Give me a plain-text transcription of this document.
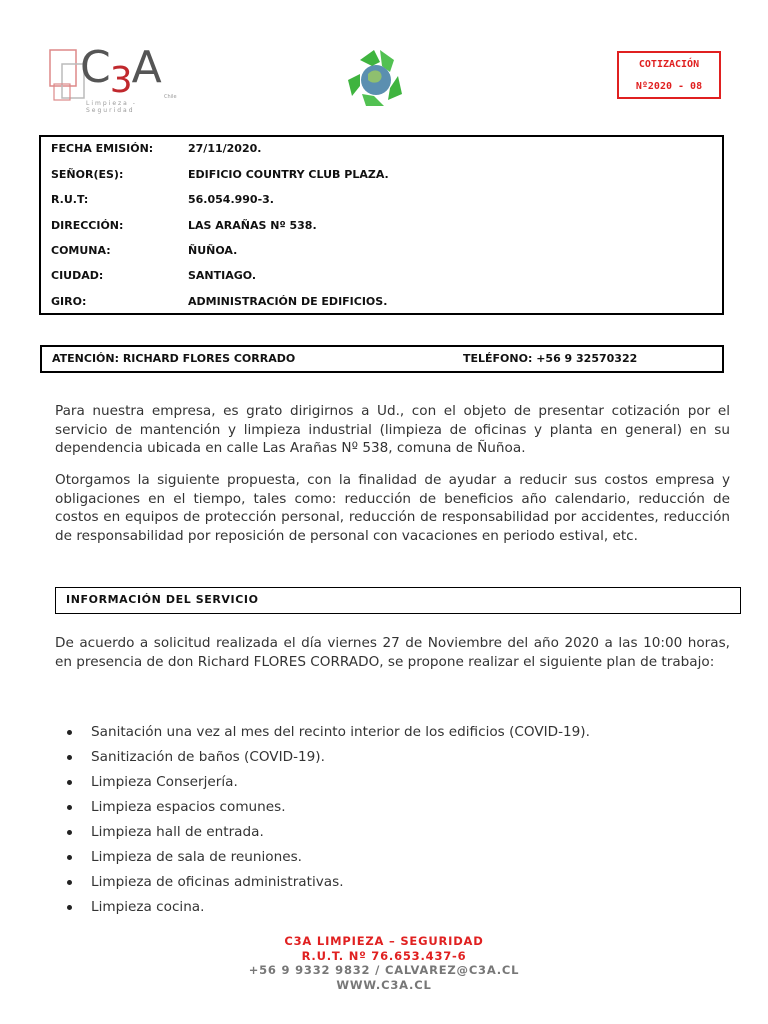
$C_3A$
Chile
Limpieza - Seguridad
COTIZACIÓN
Nº2020 - 08
FECHA EMISIÓN:	27/11/2020.
SEÑOR(ES):	EDIFICIO COUNTRY CLUB PLAZA.
R.U.T:	56.054.990-3.
DIRECCIÓN:	LAS ARAÑAS Nº 538.
COMUNA:	ÑUÑOA.
CIUDAD:	SANTIAGO.
GIRO:	ADMINISTRACIÓN DE EDIFICIOS.
ATENCIÓN: RICHARD FLORES CORRADO	TELÉFONO: +56 9 32570322
Para nuestra empresa, es grato dirigirnos a Ud., con el objeto de presentar cotización por el servicio de mantención y limpieza industrial (limpieza de oficinas y planta en general) en su dependencia ubicada en calle Las Arañas Nº 538, comuna de Ñuñoa.
Otorgamos la siguiente propuesta, con la finalidad de ayudar a reducir sus costos empresa y obligaciones en el tiempo, tales como: reducción de beneficios año calendario, reducción de costos en equipos de protección personal, reducción de responsabilidad por accidentes, reducción de responsabilidad por reposición de personal con vacaciones en periodo estival, etc.
INFORMACIÓN DEL SERVICIO
De acuerdo a solicitud realizada el día viernes 27 de Noviembre del año 2020 a las 10:00 horas, en presencia de don Richard FLORES CORRADO, se propone realizar el siguiente plan de trabajo:
Sanitación una vez al mes del recinto interior de los edificios (COVID-19).
Sanitización de baños (COVID-19).
Limpieza Conserjería.
Limpieza espacios comunes.
Limpieza hall de entrada.
Limpieza de sala de reuniones.
Limpieza de oficinas administrativas.
Limpieza cocina.
C3A LIMPIEZA – SEGURIDAD
R.U.T. Nº 76.653.437-6
+56 9 9332 9832 / CALVAREZ@C3A.CL
WWW.C3A.CL
